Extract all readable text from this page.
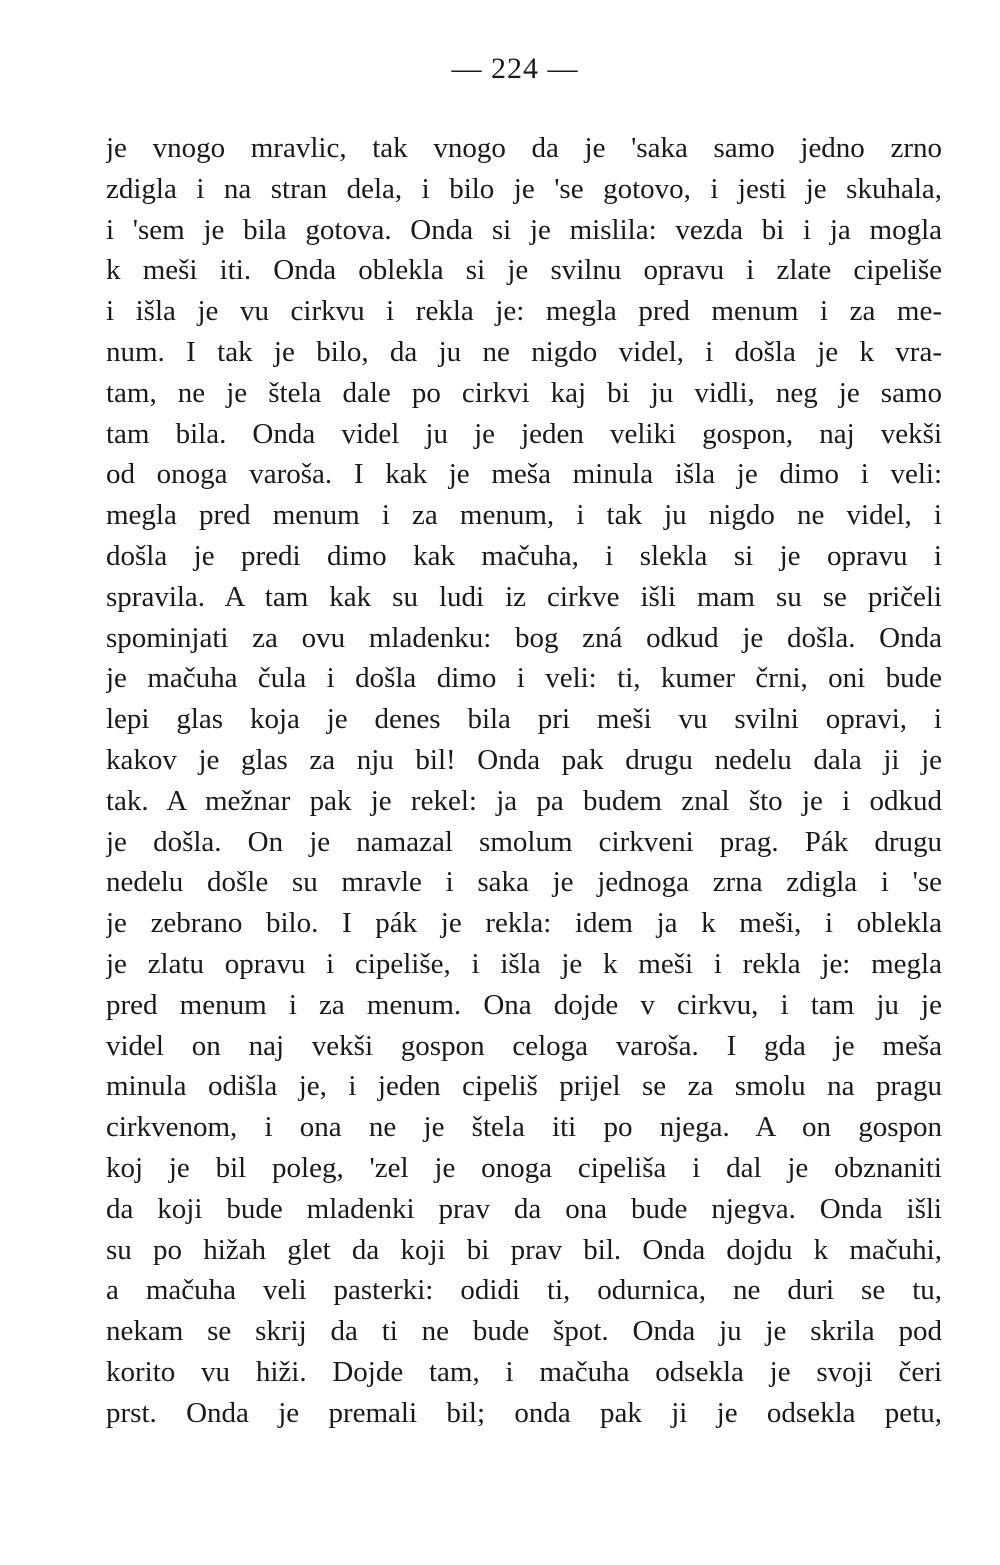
— 224 —
je vnogo mravlic, tak vnogo da je 'saka samo jedno zrno
zdigla i na stran dela, i bilo je 'se gotovo, i jesti je skuhala,
i 'sem je bila gotova. Onda si je mislila: vezda bi i ja mogla
k meši iti. Onda oblekla si je svilnu opravu i zlate cipeliše
i išla je vu cirkvu i rekla je: megla pred menum i za me-
num. I tak je bilo, da ju ne nigdo videl, i došla je k vra-
tam, ne je štela dale po cirkvi kaj bi ju vidli, neg je samo
tam bila. Onda videl ju je jeden veliki gospon, naj vekši
od onoga varoša. I kak je meša minula išla je dimo i veli:
megla pred menum i za menum, i tak ju nigdo ne videl, i
došla je predi dimo kak mačuha, i slekla si je opravu i
spravila. A tam kak su ludi iz cirkve išli mam su se pričeli
spominjati za ovu mladenku: bog zná odkud je došla. Onda
je mačuha čula i došla dimo i veli: ti, kumer črni, oni bude
lepi glas koja je denes bila pri meši vu svilni opravi, i
kakov je glas za nju bil! Onda pak drugu nedelu dala ji je
tak. A mežnar pak je rekel: ja pa budem znal što je i odkud
je došla. On je namazal smolum cirkveni prag. Pák drugu
nedelu došle su mravle i saka je jednoga zrna zdigla i 'se
je zebrano bilo. I pák je rekla: idem ja k meši, i oblekla
je zlatu opravu i cipeliše, i išla je k meši i rekla je: megla
pred menum i za menum. Ona dojde v cirkvu, i tam ju je
videl on naj vekši gospon celoga varoša. I gda je meša
minula odišla je, i jeden cipeliš prijel se za smolu na pragu
cirkvenom, i ona ne je štela iti po njega. A on gospon
koj je bil poleg, 'zel je onoga cipeliša i dal je obznaniti
da koji bude mladenki prav da ona bude njegva. Onda išli
su po hižah glet da koji bi prav bil. Onda dojdu k mačuhi,
a mačuha veli pasterki: odidi ti, odurnica, ne duri se tu,
nekam se skrij da ti ne bude špot. Onda ju je skrila pod
korito vu hiži. Dojde tam, i mačuha odsekla je svoji čeri
prst. Onda je premali bil; onda pak ji je odsekla petu,
